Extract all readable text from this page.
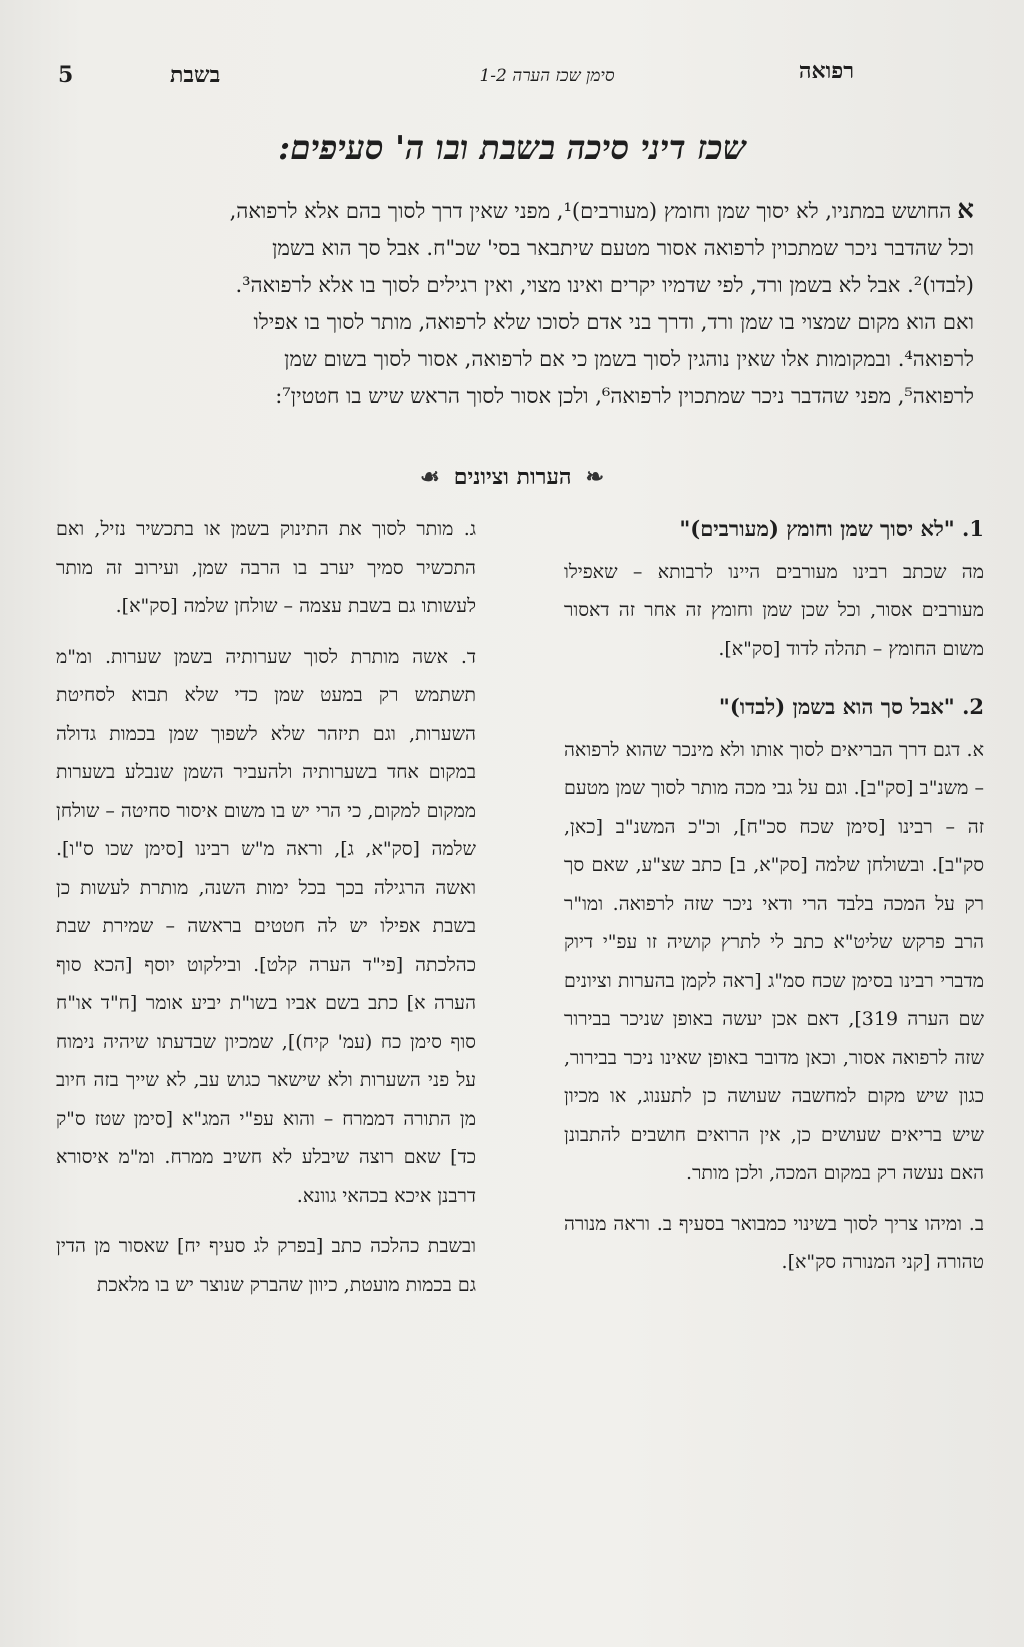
רפואה
סימן שכז הערה 1-2
בשבת
5
שכז דיני סיכה בשבת ובו ה' סעיפים:
אהחושש במתניו, לא יסוך שמן וחומץ (מעורבים)¹, מפני שאין דרך לסוך בהם אלא לרפואה,
וכל שהדבר ניכר שמתכוין לרפואה אסור מטעם שיתבאר בסי' שכ"ח. אבל סך הוא בשמן
(לבדו)². אבל לא בשמן ורד, לפי שדמיו יקרים ואינו מצוי, ואין רגילים לסוך בו אלא לרפואה³.
ואם הוא מקום שמצוי בו שמן ורד, ודרך בני אדם לסוכו שלא לרפואה, מותר לסוך בו אפילו
לרפואה⁴. ובמקומות אלו שאין נוהגין לסוך בשמן כי אם לרפואה, אסור לסוך בשום שמן
לרפואה⁵, מפני שהדבר ניכר שמתכוין לרפואה⁶, ולכן אסור לסוך הראש שיש בו חטטין⁷:
❧הערות וציונים☙
1. "לא יסוך שמן וחומץ (מעורבים)"

מה שכתב רבינו מעורבים היינו לרבותא – שאפילו מעורבים אסור, וכל שכן שמן וחומץ זה אחר זה דאסור משום החומץ – תהלה לדוד [סק"א].

2. "אבל סך הוא בשמן (לבדו)"

א. דגם דרך הבריאים לסוך אותו ולא מינכר שהוא לרפואה – משנ"ב [סק"ב]. וגם על גבי מכה מותר לסוך שמן מטעם זה – רבינו [סימן שכח סכ"ח], וכ"כ המשנ"ב [כאן, סק"ב]. ובשולחן שלמה [סק"א, ב] כתב שצ"ע, שאם סך רק על המכה בלבד הרי ודאי ניכר שזה לרפואה. ומו"ר הרב פרקש שליט"א כתב לי לתרץ קושיה זו עפ"י דיוק מדברי רבינו בסימן שכח סמ"ג [ראה לקמן בהערות וציונים שם הערה 319], דאם אכן יעשה באופן שניכר בבירור שזה לרפואה אסור, וכאן מדובר באופן שאינו ניכר בבירור, כגון שיש מקום למחשבה שעושה כן לתענוג, או מכיון שיש בריאים שעושים כן, אין הרואים חושבים להתבונן האם נעשה רק במקום המכה, ולכן מותר.

ב. ומיהו צריך לסוך בשינוי כמבואר בסעיף ב. וראה מנורה טהורה [קני המנורה סק"א].

ג. מותר לסוך את התינוק בשמן או בתכשיר נזיל, ואם התכשיר סמיך יערב בו הרבה שמן, ועירוב זה מותר לעשותו גם בשבת עצמה – שולחן שלמה [סק"א].

ד. אשה מותרת לסוך שערותיה בשמן שערות. ומ"מ תשתמש רק במעט שמן כדי שלא תבוא לסחיטת השערות, וגם תיזהר שלא לשפוך שמן בכמות גדולה במקום אחד בשערותיה ולהעביר השמן שנבלע בשערות ממקום למקום, כי הרי יש בו משום איסור סחיטה – שולחן שלמה [סק"א, ג], וראה מ"ש רבינו [סימן שכו ס"ו]. ואשה הרגילה בכך בכל ימות השנה, מותרת לעשות כן בשבת אפילו יש לה חטטים בראשה – שמירת שבת כהלכתה [פי"ד הערה קלט]. ובילקוט יוסף [הכא סוף הערה א] כתב בשם אביו בשו"ת יביע אומר [ח"ד או"ח סוף סימן כח (עמ' קיח)], שמכיון שבדעתו שיהיה נימוח על פני השערות ולא שישאר כגוש עב, לא שייך בזה חיוב מן התורה דממרח – והוא עפ"י המג"א [סימן שטז ס"ק כד] שאם רוצה שיבלע לא חשיב ממרח. ומ"מ איסורא דרבנן איכא בכהאי גוונא.

ובשבת כהלכה כתב [בפרק לג סעיף יח] שאסור מן הדין גם בכמות מועטת, כיוון שהברק שנוצר יש בו מלאכת
